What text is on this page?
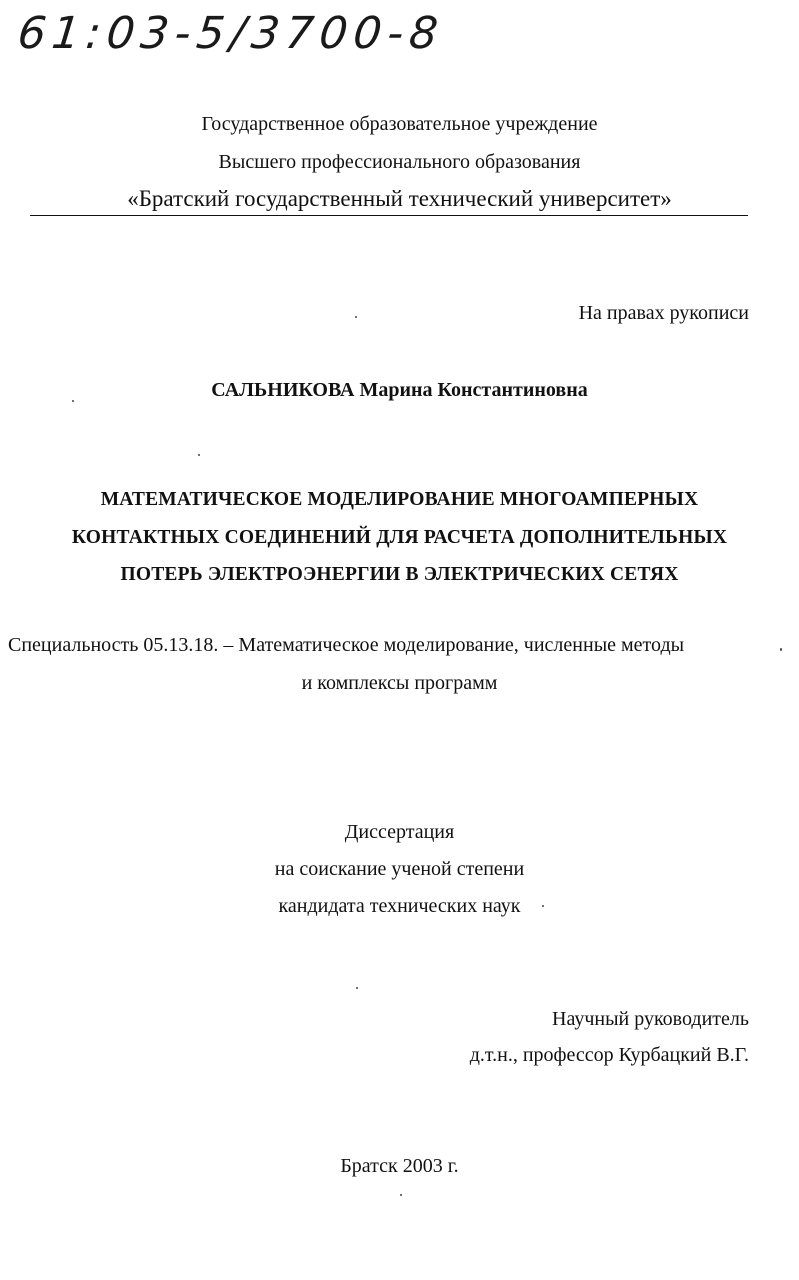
61:03-5/3700-8
Государственное образовательное учреждение
Высшего профессионального образования
«Братский государственный технический университет»
На правах рукописи
САЛЬНИКОВА Марина Константиновна
МАТЕМАТИЧЕСКОЕ МОДЕЛИРОВАНИЕ МНОГОАМПЕРНЫХ
КОНТАКТНЫХ СОЕДИНЕНИЙ ДЛЯ РАСЧЕТА ДОПОЛНИТЕЛЬНЫХ
ПОТЕРЬ ЭЛЕКТРОЭНЕРГИИ В ЭЛЕКТРИЧЕСКИХ СЕТЯХ
Специальность 05.13.18. – Математическое моделирование, численные методы
и комплексы программ
Диссертация
на соискание ученой степени
кандидата технических наук
Научный руководитель
д.т.н., профессор Курбацкий В.Г.
Братск 2003 г.
